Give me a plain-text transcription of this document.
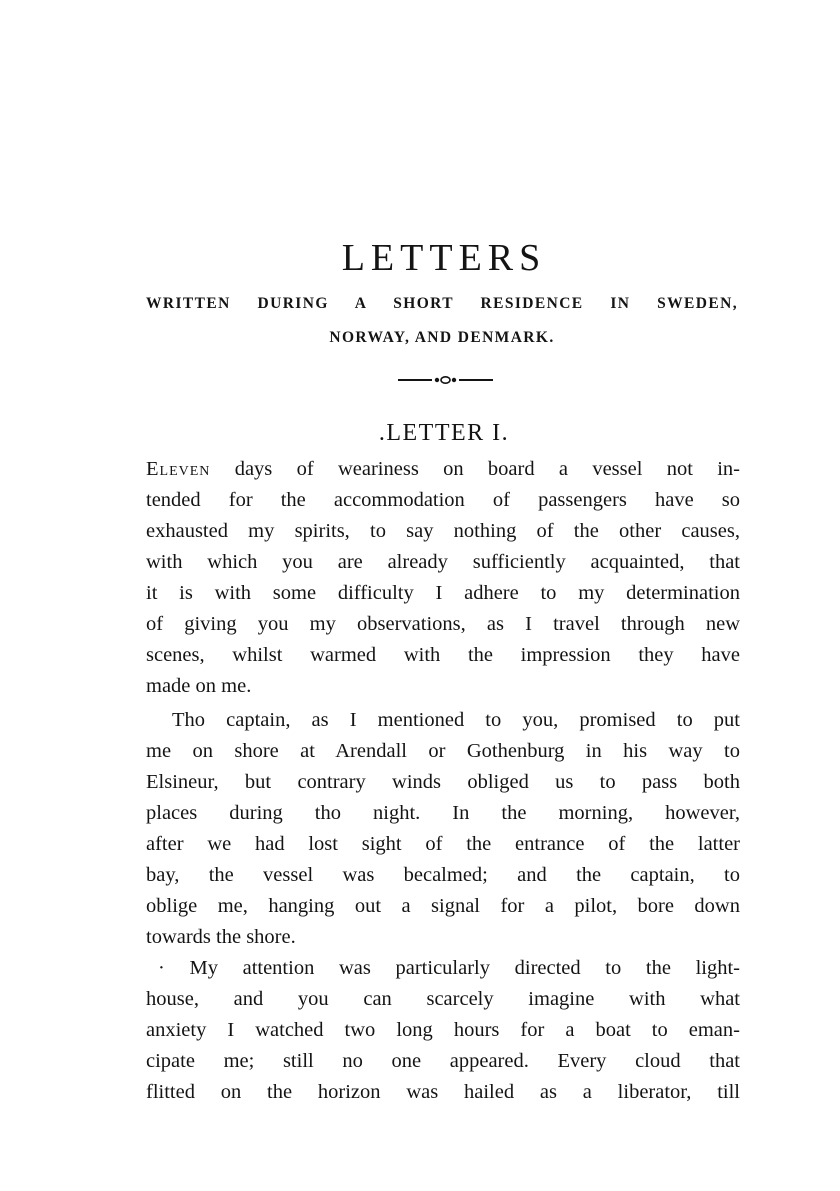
LETTERS
WRITTEN DURING A SHORT RESIDENCE IN SWEDEN,
NORWAY, AND DENMARK.
.LETTER I.
Eleven days of weariness on board a vessel not in-
tended for the accommodation of passengers have so
exhausted my spirits, to say nothing of the other causes,
with which you are already sufficiently acquainted, that
it is with some difficulty I adhere to my determination
of giving you my observations, as I travel through new
scenes, whilst warmed with the impression they have
made on me.
Tho captain, as I mentioned to you, promised to put
me on shore at Arendall or Gothenburg in his way to
Elsineur, but contrary winds obliged us to pass both
places during tho night. In the morning, however,
after we had lost sight of the entrance of the latter
bay, the vessel was becalmed; and the captain, to
oblige me, hanging out a signal for a pilot, bore down
towards the shore.
· My attention was particularly directed to the light-
house, and you can scarcely imagine with what
anxiety I watched two long hours for a boat to eman-
cipate me; still no one appeared. Every cloud that
flitted on the horizon was hailed as a liberator, till
